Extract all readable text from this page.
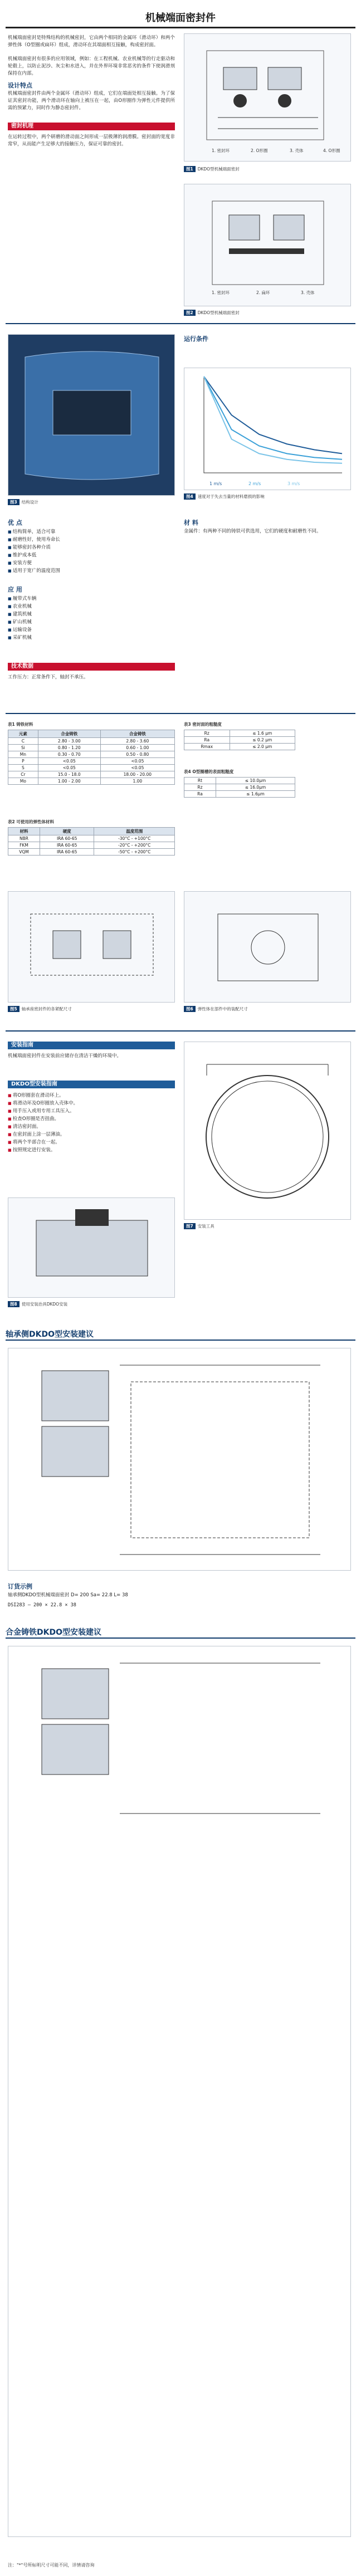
机械端面密封件
机械端面密封是特殊结构的机械密封，它由两个相同的金属环（滑动环）和两个弹性体（O型圈或扁环）组成，滑动环在其端面相互接触，构成密封面。
机械端面密封有很多的应用领域，例如：在工程机械、农业机械等的行走驱动和轮毂上，以防止泥沙、灰尘和水进入，并在外界环境非常恶劣的条件下使润滑剂保持在内部。
图1 DKDO型机械端面密封
1. 密封环	2. O形圈	3. 壳体	4. O形圈
设计特点
机械端面密封件由两个金属环（滑动环）组成，它们在端面处相互接触。为了保证其密封功能，两个滑动环在轴向上被压在一起，由O形圈作为弹性元件提供所需的预紧力，同时作为静态密封件。
密封机理
在运转过程中，两个研磨的滑动面之间形成一层极薄的润滑膜。密封面的宽度非常窄，从而能产生足够大的接触压力，保证可靠的密封。
图2 DKDO型机械端面密封
1. 密封环	2. 扁环	3. 壳体
图3 结构设计
运行条件
1 m/s	2 m/s	3 m/s
图4 速度对于失去当量的材料磨损的影响
优 点
■ 结构简单，适合可靠
■ 耐磨性好，使用寿命长
■ 能够密封各种介质
■ 维护成本低
■ 安装方便
■ 适用于宽广的温度范围
应 用
■ 履带式车辆
■ 农业机械
■ 建筑机械
■ 矿山机械
■ 运输设备
■ 采矿机械
技术数据
工作压力：正常条件下，轴封不承压。
材 料
金属件：有两种不同的铸铁可供选用，它们的硬度和耐磨性不同。
表1 铸铁材料
元素	合金铸铁	合金铸铁
C	2.80 - 3.00	2.80 - 3.60
Si	0.80 - 1.20	0.60 - 1.00
Mn	0.30 - 0.70	0.50 - 0.80
P	<0.05	<0.05
S	<0.05	<0.05
Cr	15.0 - 18.0	18.00 - 20.00
Mo	1.00 - 2.00	1.00
表2 可使用的弹性体材料
材料	硬度	温度范围
NBR	IRA 60-65	-30°C - +100°C
FKM	IRA 60-65	-20°C - +200°C
VQM	IRA 60-65	-50°C - +200°C
表3 密封面的粗糙度
Rz	≤ 1.6 μm
Ra	≤ 0.2 μm
Rmax	≤ 2.0 μm
表4 O型圈槽的表面粗糙度
Rt	≤ 10.0μm
Rz	≤ 16.0μm
Ra	≤ 1.6μm
图5 轴承座密封件的各紧配尺寸	图6 弹性体在部件中的装配尺寸
安装指南
机械端面密封件在安装前应储存在清洁干燥的环境中。
DKDO型安装指南
■ 将O形圈套在滑动环上。
■ 将滑动环及O形圈放入壳体中。
■ 用手压入或用专用工具压入。
■ 检查O形圈是否扭曲。
■ 清洁密封面。
■ 在密封面上涂一层薄油。
■ 将两个半部合在一起。
■ 按照规定进行安装。
图7 安装工具
图8 使用安装治具DKDO安装
轴承侧DKDO型安装建议
订货示例
轴承侧DKDO型机械端面密封 D= 200 Sa= 22.8 L= 38
DSI283 — 200 × 22.8 × 38
合金铸铁DKDO型安装建议
注："*"号所标明尺寸可能不同，详情请咨询
